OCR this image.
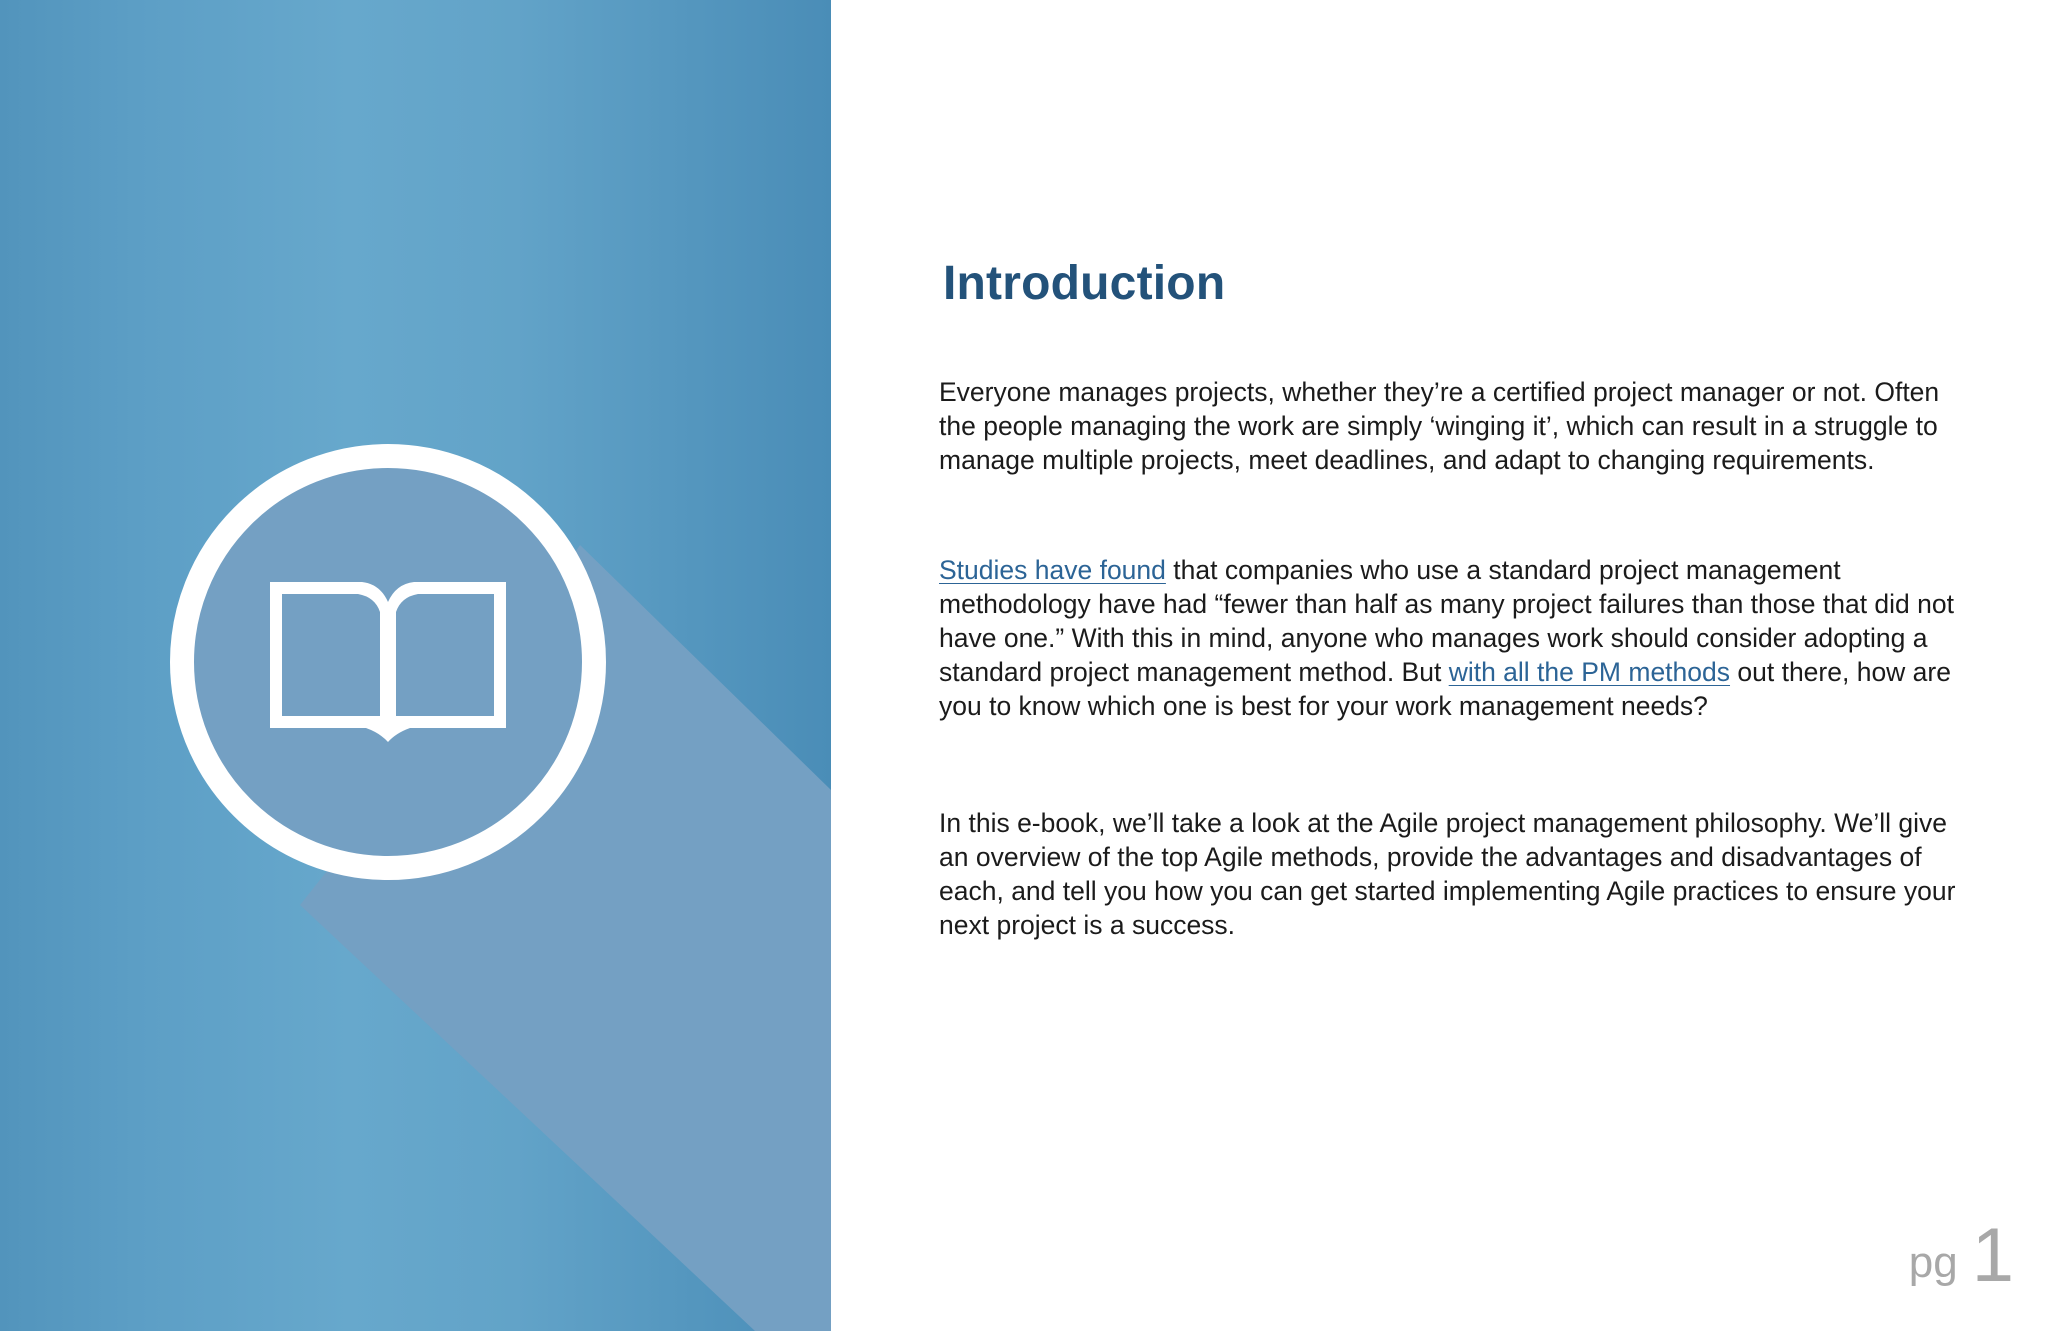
Introduction

Everyone manages projects, whether they’re a certified project manager or not. Often the people managing the work are simply ‘winging it’, which can result in a struggle to manage multiple projects, meet deadlines, and adapt to changing requirements.

Studies have found that companies who use a standard project management methodology have had “fewer than half as many project failures than those that did not have one.” With this in mind, anyone who manages work should consider adopting a standard project management method. But with all the PM methods out there, how are you to know which one is best for your work management needs?

In this e-book, we’ll take a look at the Agile project management philosophy. We’ll give an overview of the top Agile methods, provide the advantages and disadvantages of each, and tell you how you can get started implementing Agile practices to ensure your next project is a success.

pg 1
